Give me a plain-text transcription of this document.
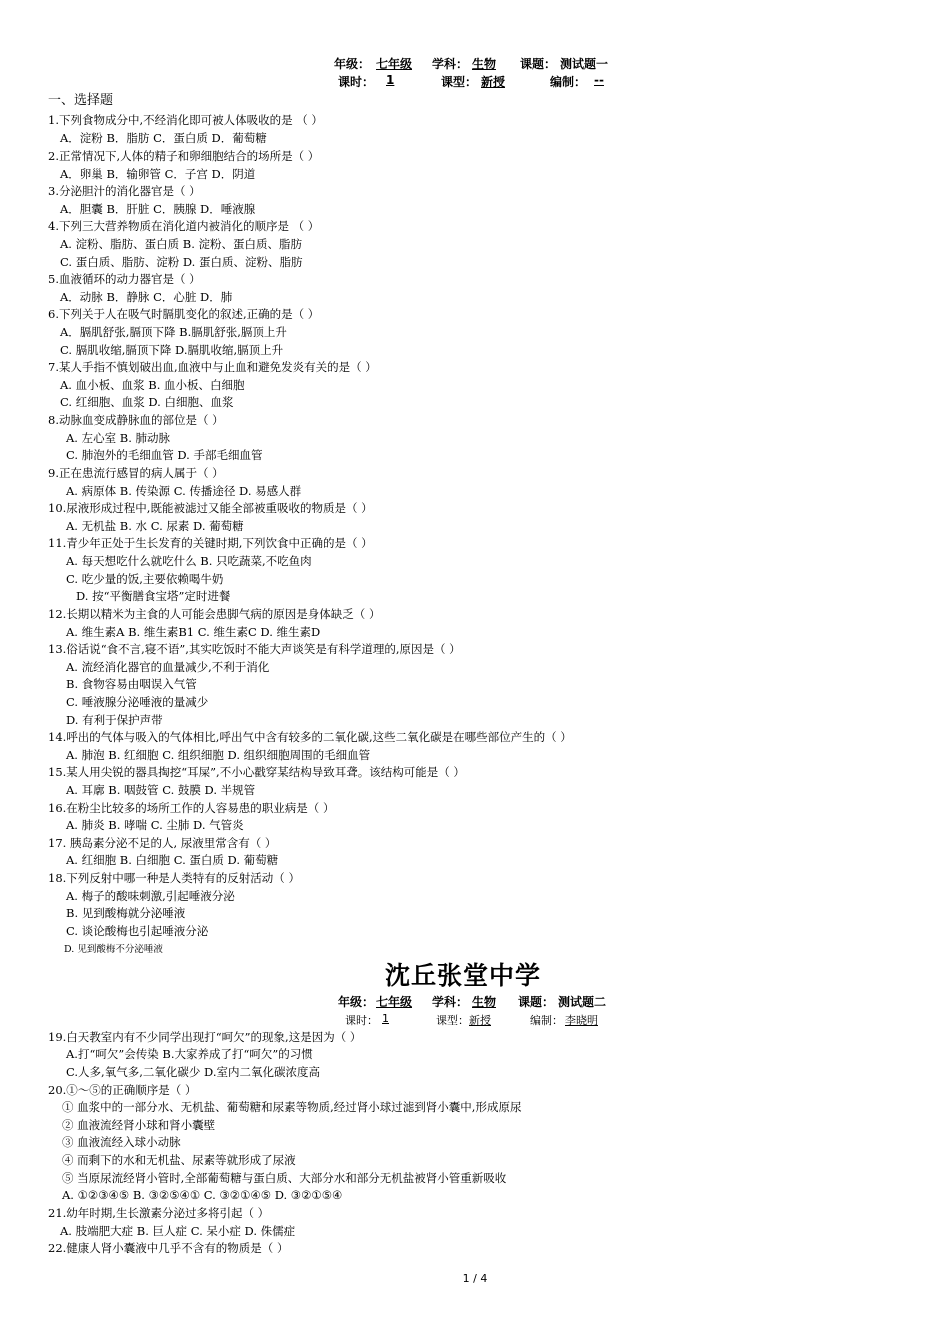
年级： 七年级 学科： 生物 课题： 测试题一
课时： 1	课型： 新授	编制： --
一、选择题
1.下列食物成分中,不经消化即可被人体吸收的是 （ ）
A．淀粉 B．脂肪 C．蛋白质 D．葡萄糖
2.正常情况下,人体的精子和卵细胞结合的场所是（ ）
A．卵巢 B．输卵管 C．子宫 D．阴道
3.分泌胆汁的消化器官是（ ）
A．胆囊 B．肝脏 C．胰腺 D．唾液腺
4.下列三大营养物质在消化道内被消化的顺序是 （ ）
A. 淀粉、脂肪、蛋白质 B. 淀粉、蛋白质、脂肪
C. 蛋白质、脂肪、淀粉 D. 蛋白质、淀粉、脂肪
5.血液循环的动力器官是（ ）
A．动脉 B．静脉 C．心脏 D．肺
6.下列关于人在吸气时膈肌变化的叙述,正确的是（ ）
A．膈肌舒张,膈顶下降 B.膈肌舒张,膈顶上升
C. 膈肌收缩,膈顶下降 D.膈肌收缩,膈顶上升
7.某人手指不慎划破出血,血液中与止血和避免发炎有关的是（ ）
A. 血小板、血浆 B. 血小板、白细胞
C. 红细胞、血浆 D. 白细胞、血浆
8.动脉血变成静脉血的部位是（ ）
A. 左心室 B. 肺动脉
C. 肺泡外的毛细血管 D. 手部毛细血管
9.正在患流行感冒的病人属于（ ）
A. 病原体 B. 传染源 C. 传播途径 D. 易感人群
10.尿液形成过程中,既能被滤过又能全部被重吸收的物质是（ ）
A. 无机盐 B. 水 C. 尿素 D. 葡萄糖
11.青少年正处于生长发育的关键时期,下列饮食中正确的是（ ）
A. 每天想吃什么就吃什么 B. 只吃蔬菜,不吃鱼肉
C. 吃少量的饭,主要依赖喝牛奶
D. 按“平衡膳食宝塔”定时进餐
12.长期以精米为主食的人可能会患脚气病的原因是身体缺乏（ ）
A. 维生素A B. 维生素B1 C. 维生素C D. 维生素D
13.俗话说“食不言,寝不语”,其实吃饭时不能大声谈笑是有科学道理的,原因是（ ）
A. 流经消化器官的血量减少,不利于消化
B. 食物容易由咽误入气管
C. 唾液腺分泌唾液的量减少
D. 有利于保护声带
14.呼出的气体与吸入的气体相比,呼出气中含有较多的二氧化碳,这些二氧化碳是在哪些部位产生的（ ）
A. 肺泡 B. 红细胞 C. 组织细胞 D. 组织细胞周围的毛细血管
15.某人用尖锐的器具掏挖“耳屎”,不小心戳穿某结构导致耳聋。该结构可能是（ ）
A. 耳廓 B. 咽鼓管 C. 鼓膜 D. 半规管
16.在粉尘比较多的场所工作的人容易患的职业病是（ ）
A. 肺炎 B. 哮喘 C. 尘肺 D. 气管炎
17. 胰岛素分泌不足的人, 尿液里常含有（ ）
A. 红细胞 B. 白细胞 C. 蛋白质 D. 葡萄糖
18.下列反射中哪一种是人类特有的反射活动（ ）
A. 梅子的酸味刺激,引起唾液分泌
B. 见到酸梅就分泌唾液
C. 谈论酸梅也引起唾液分泌
D. 见到酸梅不分泌唾液
沈丘张堂中学
年级： 七年级 学科： 生物 课题： 测试题二
课时： 1	课型： 新授	编制： 李晓明
19.白天教室内有不少同学出现打“呵欠”的现象,这是因为（ ）
A.打“呵欠”会传染 B.大家养成了打“呵欠”的习惯
C.人多,氧气多,二氧化碳少 D.室内二氧化碳浓度高
20.①～⑤的正确顺序是（ ）
① 血浆中的一部分水、无机盐、葡萄糖和尿素等物质,经过肾小球过滤到肾小囊中,形成原尿
② 血液流经肾小球和肾小囊壁
③ 血液流经入球小动脉
④ 而剩下的水和无机盐、尿素等就形成了尿液
⑤ 当原尿流经肾小管时,全部葡萄糖与蛋白质、大部分水和部分无机盐被肾小管重新吸收
A. ①②③④⑤ B. ③②⑤④① C. ③②①④⑤ D. ③②①⑤④
21.幼年时期,生长激素分泌过多将引起（ ）
A. 肢端肥大症 B. 巨人症 C. 呆小症 D. 侏儒症
22.健康人肾小囊液中几乎不含有的物质是（ ）
1 / 4
